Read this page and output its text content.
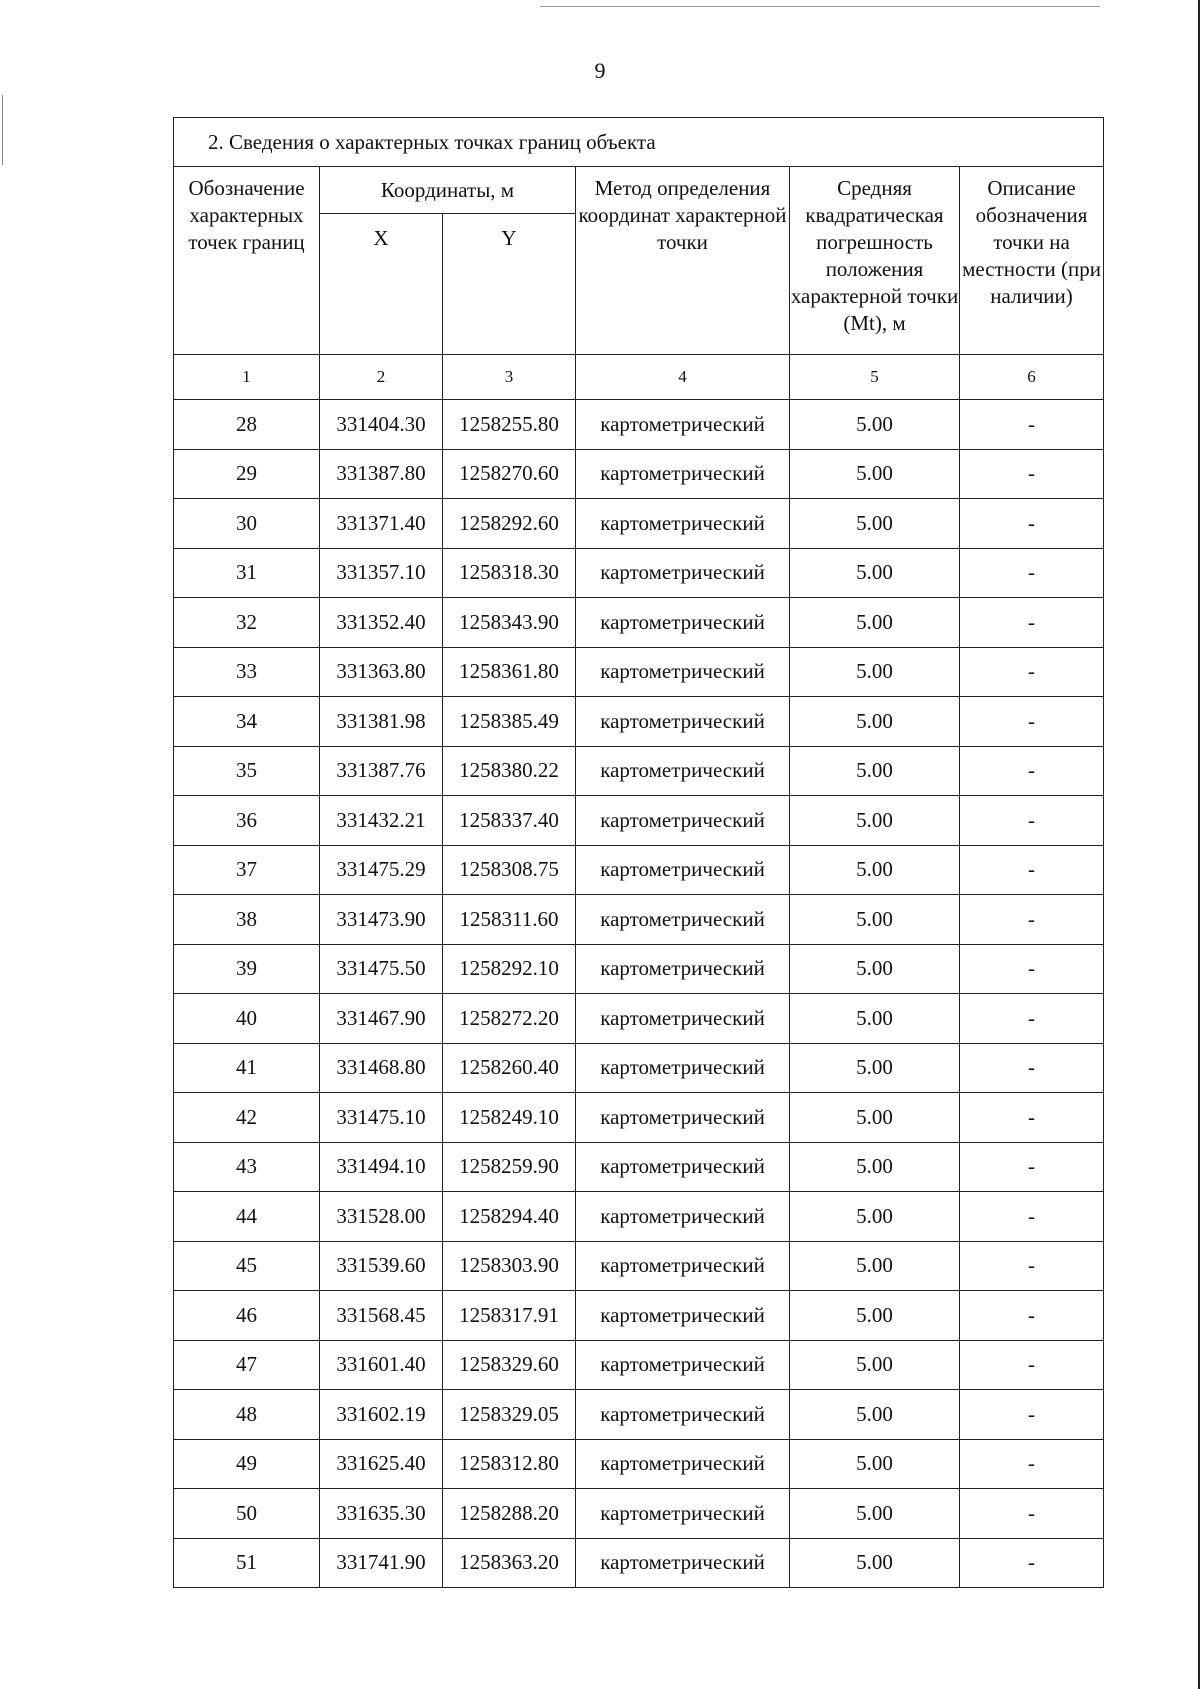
9
2. Сведения о характерных точках границ объекта					
Обозначение характерных точек границ	Координаты, м		Метод определения координат характерной точки	Средняя квадратическая погрешность положения характерной точки (Mt), м	Описание обозначения точки на местности (при наличии)
	X	Y			
1	2	3	4	5	6
28	331404.30	1258255.80	картометрический	5.00	-
29	331387.80	1258270.60	картометрический	5.00	-
30	331371.40	1258292.60	картометрический	5.00	-
31	331357.10	1258318.30	картометрический	5.00	-
32	331352.40	1258343.90	картометрический	5.00	-
33	331363.80	1258361.80	картометрический	5.00	-
34	331381.98	1258385.49	картометрический	5.00	-
35	331387.76	1258380.22	картометрический	5.00	-
36	331432.21	1258337.40	картометрический	5.00	-
37	331475.29	1258308.75	картометрический	5.00	-
38	331473.90	1258311.60	картометрический	5.00	-
39	331475.50	1258292.10	картометрический	5.00	-
40	331467.90	1258272.20	картометрический	5.00	-
41	331468.80	1258260.40	картометрический	5.00	-
42	331475.10	1258249.10	картометрический	5.00	-
43	331494.10	1258259.90	картометрический	5.00	-
44	331528.00	1258294.40	картометрический	5.00	-
45	331539.60	1258303.90	картометрический	5.00	-
46	331568.45	1258317.91	картометрический	5.00	-
47	331601.40	1258329.60	картометрический	5.00	-
48	331602.19	1258329.05	картометрический	5.00	-
49	331625.40	1258312.80	картометрический	5.00	-
50	331635.30	1258288.20	картометрический	5.00	-
51	331741.90	1258363.20	картометрический	5.00	-
